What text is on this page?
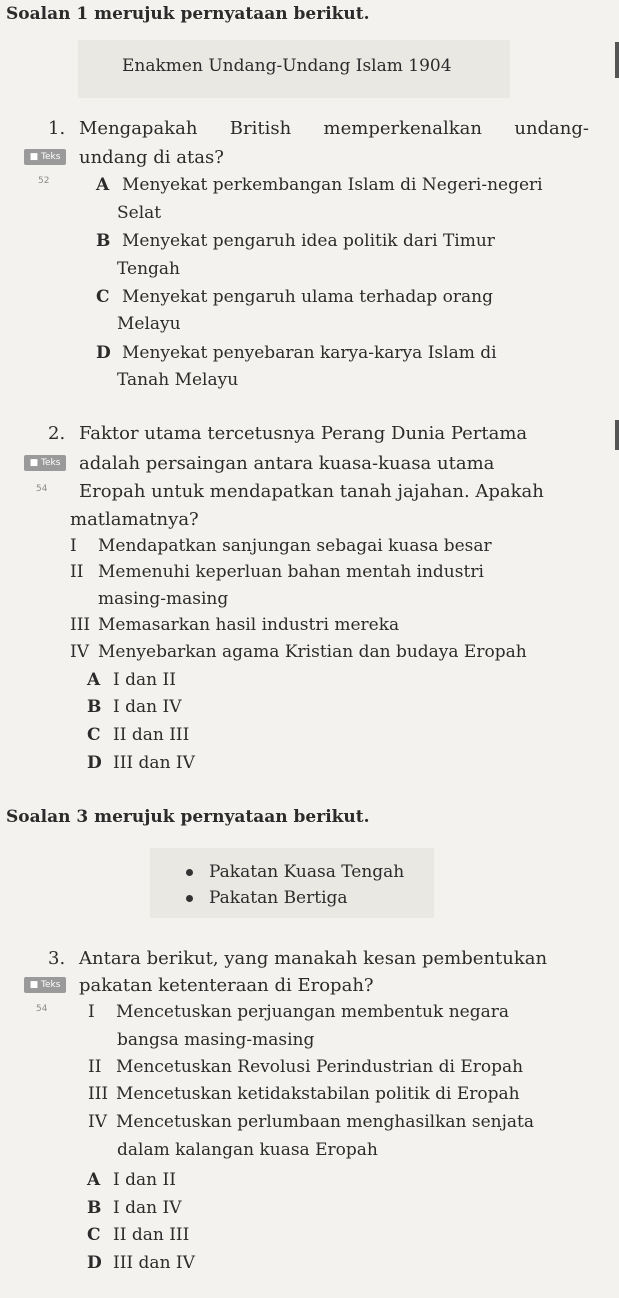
Soalan 1 merujuk pernyataan berikut.
Enakmen Undang-Undang Islam 1904
1. Mengapakah British memperkenalkan undang-
■ Teks	undang di atas?
52	A Menyekat perkembangan Islam di Negeri-negeri
Selat
B Menyekat pengaruh idea politik dari Timur
Tengah
C Menyekat pengaruh ulama terhadap orang
Melayu
D Menyekat penyebaran karya-karya Islam di
Tanah Melayu
2. Faktor utama tercetusnya Perang Dunia Pertama
■ Teks	adalah persaingan antara kuasa-kuasa utama
54 Eropah untuk mendapatkan tanah jajahan. Apakah
matlamatnya?
I Mendapatkan sanjungan sebagai kuasa besar
II Memenuhi keperluan bahan mentah industri
masing-masing
III Memasarkan hasil industri mereka
IV Menyebarkan agama Kristian dan budaya Eropah
A I dan II
B I dan IV
C II dan III
D III dan IV
Soalan 3 merujuk pernyataan berikut.
Pakatan Kuasa Tengah
Pakatan Bertiga
3. Antara berikut, yang manakah kesan pembentukan
■ Teks	pakatan ketenteraan di Eropah?
54 I Mencetuskan perjuangan membentuk negara
bangsa masing-masing
II Mencetuskan Revolusi Perindustrian di Eropah
III Mencetuskan ketidakstabilan politik di Eropah
IV Mencetuskan perlumbaan menghasilkan senjata
dalam kalangan kuasa Eropah
A I dan II
B I dan IV
C II dan III
D III dan IV
